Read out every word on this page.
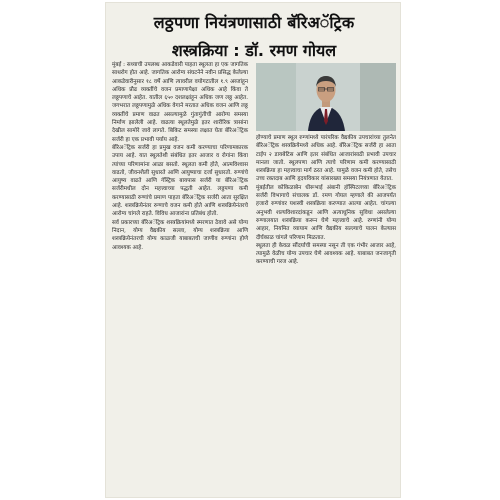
लठ्ठपणा नियंत्रणासाठी बॅरिअॅट्रिक
शस्त्रक्रिया : डॉ. रमण गोयल
मुंबई : सध्याची उपलब्ध आकडेवारी पाहता स्थूलता हा एक जागतिक साथरोग होत आहे. जागतिक आरोग्य संघटनेने नवीन प्रसिद्ध केलेल्या आकडेवारीनुसार १८ वर्षे आणि त्यावरील वयोगटातील १.९ अब्जांहून अधिक प्रौढ व्यक्तींचे वजन प्रमाणापेक्षा अधिक आहे किंवा ते लठ्ठपणाचे आहेत. यातील ६५० दशलक्षांहून अधिक जण लठ्ठ आहेत. जगभरात लठ्ठपणामुळे अधिक वेगाने मरतात अधिक वजन आणि लठ्ठ व्यक्तींचे प्रमाण वाढत असल्यामुळे गुंतागुंतीची आरोग्य समस्या निर्माण झालेली आहे. वाढत्या स्थूलतेमुळे इतर शारीरिक त्रासांना देखील सामोरे जावे लागते. बिकिट समस्या लक्षात घेता बॅरिअॅट्रिक सर्जरी हा एक प्रभावी पर्याय आहे.
बॅरिअॅट्रिक सर्जरी हा प्रमुख वजन कमी करण्याचा परिणामकारक उपाय आहे. यात स्थूलतेशी संबंधित इतर आजार व रोगांना किंवा त्यांच्या परिणामांना आळा बसतो. स्थूलता कमी होते, आत्मविश्वास वाढतो, जीवनशैली सुधारते आणि आयुष्याचा दर्जा सुधारतो. रुग्णांचे आयुष्य वाढते आणि गॅस्ट्रिक बायपास सर्जरी या बॅरिअॅट्रिक सर्जरीमधील दोन महत्त्वाच्या पद्धती आहेत. लठ्ठपणा कमी करण्यासाठी रुग्णांचे प्रमाण पाहता बॅरिअॅट्रिक सर्जरी आता सुरक्षित आहे. शस्त्रक्रियेनंतर रुग्णाचे वजन कमी होते आणि शस्त्रक्रियेनंतरचे आरोग्य चांगले राहते. विविध आजारांना प्रतिबंध होतो.
सर्व प्रकारच्या बॅरिअॅट्रिक शस्त्रक्रियांमध्ये स्मरणात ठेवावे असे योग्य निदान, योग्य वैद्यकीय सल्ला, योग्य शस्त्रक्रिया आणि शस्त्रक्रियेनंतरची योग्य काळजी याबाबतची जाणीव रुग्णांना होणे आवश्यक आहे.
होण्याचे प्रमाण स्थूल रुग्णांमध्ये पारंपरिक वैद्यकीय उपचारांच्या तुलनेत बॅरिअॅट्रिक शस्त्रक्रियेमध्ये अधिक आहे. बॅरिअॅट्रिक सर्जरी हा आता टाईप २ डायबेटिस आणि इतर संबंधित आजारांसाठी प्रभावी उपचार मानला जातो. स्थूलपणा आणि त्याचे परिणाम कमी करण्यासाठी शस्त्रक्रिया हा महत्त्वाचा मार्ग ठरत आहे. यामुळे वजन कमी होते, तसेच उच्च रक्तदाब आणि हृदयविकार यांसारख्या समस्या नियंत्रणात येतात.
मुंबईतील कोकिळाबेन धीरूभाई अंबानी हॉस्पिटलच्या बॅरिअॅट्रिक सर्जरी विभागाचे संचालक डॉ. रमण गोयल म्हणाले की आजपर्यंत हजारो रुग्णांवर यशस्वी शस्त्रक्रिया करण्यात आल्या आहेत. चांगल्या अनुभवी शल्यविशारदांकडून आणि अत्याधुनिक सुविधा असलेल्या रुग्णालयात शस्त्रक्रिया करून घेणे महत्त्वाचे आहे. रुग्णांनी योग्य आहार, नियमित व्यायाम आणि वैद्यकीय सल्ल्याचे पालन केल्यास दीर्घकाळ चांगले परिणाम मिळतात.
स्थूलता ही केवळ सौंदर्याची समस्या नसून ती एक गंभीर आजार आहे, त्यामुळे वेळीच योग्य उपचार घेणे आवश्यक आहे. याबाबत जनजागृती करण्याची गरज आहे.
